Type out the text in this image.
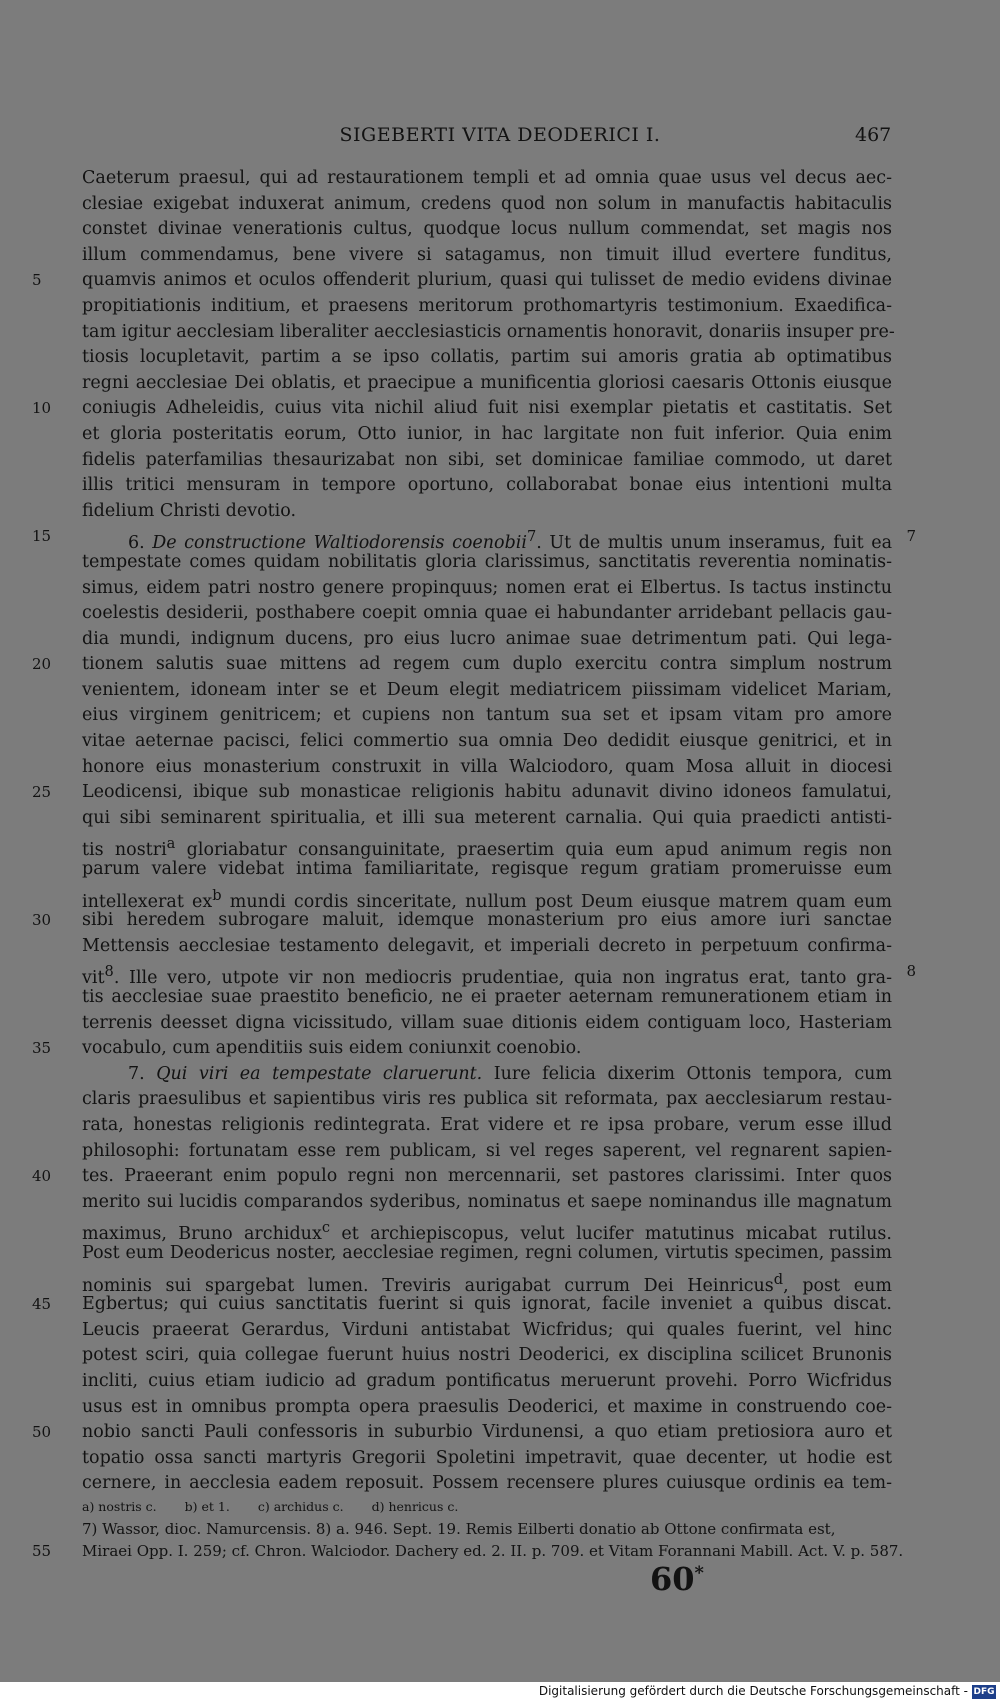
SIGEBERTI VITA DEODERICI I.	467
Caeterum praesul, qui ad restaurationem templi et ad omnia quae usus vel decus aec-
clesiae exigebat induxerat animum, credens quod non solum in manufactis habitaculis
constet divinae venerationis cultus, quodque locus nullum commendat, set magis nos
illum commendamus, bene vivere si satagamus, non timuit illud evertere funditus,
5	quamvis animos et oculos offenderit plurium, quasi qui tulisset de medio evidens divinae
propitiationis inditium, et praesens meritorum prothomartyris testimonium. Exaedifica-
tam igitur aecclesiam liberaliter aecclesiasticis ornamentis honoravit, donariis insuper pre-
tiosis locupletavit, partim a se ipso collatis, partim sui amoris gratia ab optimatibus
regni aecclesiae Dei oblatis, et praecipue a munificentia gloriosi caesaris Ottonis eiusque
10	coniugis Adheleidis, cuius vita nichil aliud fuit nisi exemplar pietatis et castitatis. Set
et gloria posteritatis eorum, Otto iunior, in hac largitate non fuit inferior. Quia enim
fidelis paterfamilias thesaurizabat non sibi, set dominicae familiae commodo, ut daret
illis tritici mensuram in tempore oportuno, collaborabat bonae eius intentioni multa
fidelium Christi devotio.
15	6. De constructione Waltiodorensis coenobii$^7$. Ut de multis unum inseramus, fuit ea 7
tempestate comes quidam nobilitatis gloria clarissimus, sanctitatis reverentia nominatis-
simus, eidem patri nostro genere propinquus; nomen erat ei Elbertus. Is tactus instinctu
coelestis desiderii, posthabere coepit omnia quae ei habundanter arridebant pellacis gau-
dia mundi, indignum ducens, pro eius lucro animae suae detrimentum pati. Qui lega-
20	tionem salutis suae mittens ad regem cum duplo exercitu contra simplum nostrum
venientem, idoneam inter se et Deum elegit mediatricem piissimam videlicet Mariam,
eius virginem genitricem; et cupiens non tantum sua set et ipsam vitam pro amore
vitae aeternae pacisci, felici commertio sua omnia Deo dedidit eiusque genitrici, et in
honore eius monasterium construxit in villa Walciodoro, quam Mosa alluit in diocesi
25	Leodicensi, ibique sub monasticae religionis habitu adunavit divino idoneos famulatui,
qui sibi seminarent spiritualia, et illi sua meterent carnalia. Qui quia praedicti antisti-
tis nostri$^a$ gloriabatur consanguinitate, praesertim quia eum apud animum regis non
parum valere videbat intima familiaritate, regisque regum gratiam promeruisse eum
intellexerat $ex^b$ mundi cordis sinceritate, nullum post Deum eiusque matrem quam eum
30	sibi heredem subrogare maluit, idemque monasterium pro eius amore iuri sanctae
Mettensis aecclesiae testamento delegavit, et imperiali decreto in perpetuum confirma-
vit$^8$. Ille vero, utpote vir non mediocris prudentiae, quia non ingratus erat, tanto gra- 8
tis aecclesiae suae praestito beneficio, ne ei praeter aeternam remunerationem etiam in
terrenis deesset digna vicissitudo, villam suae ditionis eidem contiguam loco, Hasteriam
35	vocabulo, cum apenditiis suis eidem coniunxit coenobio.
7. Qui viri ea tempestate claruerunt. Iure felicia dixerim Ottonis tempora, cum
claris praesulibus et sapientibus viris res publica sit reformata, pax aecclesiarum restau-
rata, honestas religionis redintegrata. Erat videre et re ipsa probare, verum esse illud
philosophi: fortunatam esse rem publicam, si vel reges saperent, vel regnarent sapien-
40	tes. Praeerant enim populo regni non mercennarii, set pastores clarissimi. Inter quos
merito sui lucidis comparandos syderibus, nominatus et saepe nominandus ille magnatum
maximus, Bruno archidux$^c$ et archiepiscopus, velut lucifer matutinus micabat rutilus.
Post eum Deodericus noster, aecclesiae regimen, regni columen, virtutis specimen, passim
nominis sui spargebat lumen. Treviris aurigabat currum Dei Heinricus$^d$, post eum
45	Egbertus; qui cuius sanctitatis fuerint si quis ignorat, facile inveniet a quibus discat.
Leucis praeerat Gerardus, Virduni antistabat Wicfridus; qui quales fuerint, vel hinc
potest sciri, quia collegae fuerunt huius nostri Deoderici, ex disciplina scilicet Brunonis
incliti, cuius etiam iudicio ad gradum pontificatus meruerunt provehi. Porro Wicfridus
usus est in omnibus prompta opera praesulis Deoderici, et maxime in construendo coe-
50	nobio sancti Pauli confessoris in suburbio Virdunensi, a quo etiam pretiosiora auro et
topatio ossa sancti martyris Gregorii Spoletini impetravit, quae decenter, ut hodie est
cernere, in aecclesia eadem reposuit. Possem recensere plures cuiusque ordinis ea tem-
a) nostris c. b) et 1. c) archidus c. d) henricus c.
7) Wassor, dioc. Namurcensis. 8) a. 946. Sept. 19. Remis Eilberti donatio ab Ottone confirmata est,
55	Miraei Opp. I. 259; cf. Chron. Walciodor. Dachery ed. 2. II. p. 709. et Vitam Forannani Mabill. Act. V. p. 587.
60*
Digitalisierung gefördert durch die Deutsche Forschungsgemeinschaft - DFG
